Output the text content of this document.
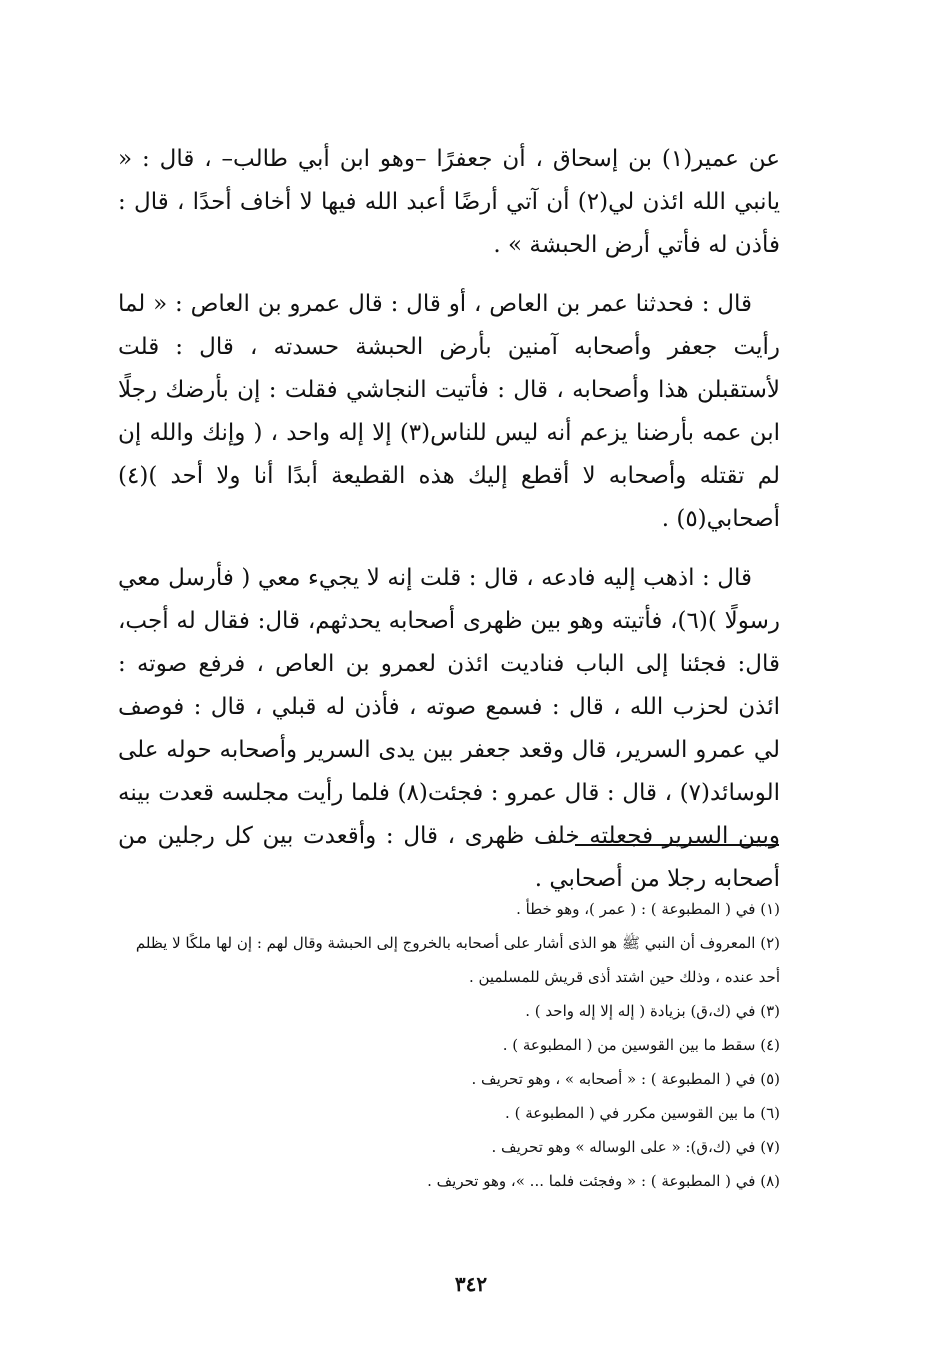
عن عمير(١) بن إسحاق ، أن جعفرًا –وهو ابن أبي طالب– ، قال : « يانبي الله ائذن لي(٢) أن آتي أرضًا أعبد الله فيها لا أخاف أحدًا ، قال : فأذن له فأتي أرض الحبشة » .

قال : فحدثنا عمر بن العاص ، أو قال : قال عمرو بن العاص : « لما رأيت جعفر وأصحابه آمنين بأرض الحبشة حسدته ، قال : قلت لأستقبلن هذا وأصحابه ، قال : فأتيت النجاشي فقلت : إن بأرضك رجلًا ابن عمه بأرضنا يزعم أنه ليس للناس(٣) إلا إله واحد ، ( وإنك والله إن لم تقتله وأصحابه لا أقطع إليك هذه القطيعة أبدًا أنا ولا أحد )(٤) أصحابي(٥) .

قال : اذهب إليه فادعه ، قال : قلت إنه لا يجيء معي ( فأرسل معي رسولًا )(٦)، فأتيته وهو بين ظهرى أصحابه يحدثهم، قال: فقال له أجب، قال: فجئنا إلى الباب فناديت ائذن لعمرو بن العاص ، فرفع صوته : ائذن لحزب الله ، قال : فسمع صوته ، فأذن له قبلي ، قال : فوصف لي عمرو السرير، قال وقعد جعفر بين يدى السرير وأصحابه حوله على الوسائد(٧) ، قال : قال عمرو : فجئت(٨) فلما رأيت مجلسه قعدت بينه وبين السرير فجعلته خلف ظهرى ، قال : وأقعدت بين كل رجلين من أصحابه رجلا من أصحابي .

(١) في ( المطبوعة ) : ( عمر )، وهو خطأ .

(٢) المعروف أن النبي ﷺ هو الذى أشار على أصحابه بالخروج إلى الحبشة وقال لهم : إن لها ملكًا لا يظلم أحد عنده ، وذلك حين اشتد أذى قريش للمسلمين .

(٣) في (ك،ق) بزيادة ( إله إلا إله واحد ) .

(٤) سقط ما بين القوسين من ( المطبوعة ) .

(٥) في ( المطبوعة ) : « أصحابه » ، وهو تحريف .

(٦) ما بين القوسين مكرر في ( المطبوعة ) .

(٧) في (ك،ق): « على الوساله » وهو تحريف .

(٨) في ( المطبوعة ) : « وفجئت فلما ... »، وهو تحريف .

٣٤٢
